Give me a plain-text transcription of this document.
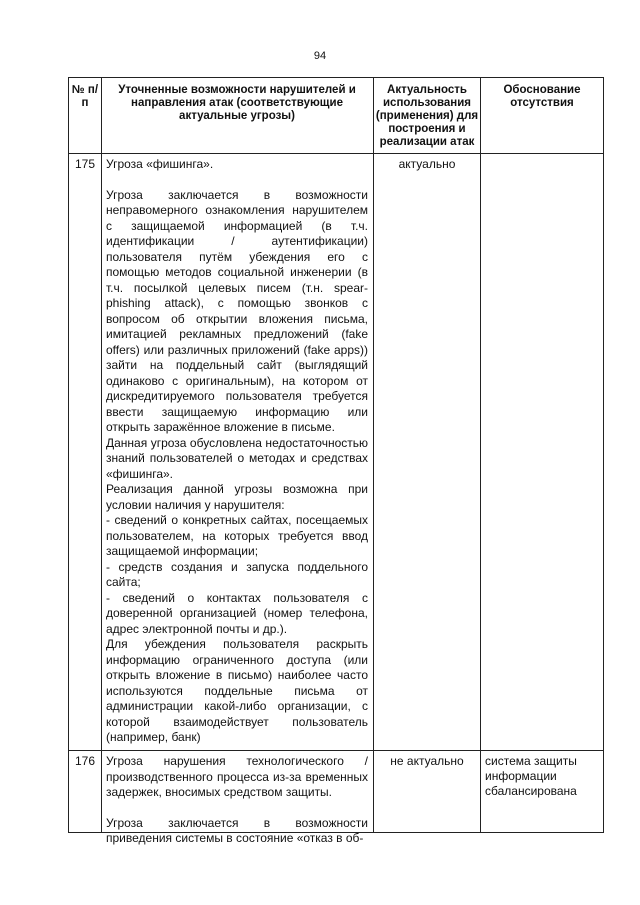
94
№ п/п
Уточненные возможности нарушителей и направления атак (соответствующие актуальные угрозы)
Актуальность использования (применения) для построения и реализации атак
Обоснование отсутствия
175 Угроза «фишинга».

Угроза заключается в возможности неправомерного ознакомления нарушителем с защищаемой информацией (в т.ч. идентификации / аутентификации) пользователя путём убеждения его с помощью методов социальной инженерии (в т.ч. посылкой целевых писем (т.н. spear-phishing attack), с помощью звонков с вопросом об открытии вложения письма, имитацией рекламных предложений (fake offers) или различных приложений (fake apps)) зайти на поддельный сайт (выглядящий одинаково с оригинальным), на котором от дискредитируемого пользователя требуется ввести защищаемую информацию или открыть заражённое вложение в письме.

Данная угроза обусловлена недостаточностью знаний пользователей о методах и средствах «фишинга».

Реализация данной угрозы возможна при условии наличия у нарушителя:

- сведений о конкретных сайтах, посещаемых пользователем, на которых требуется ввод защищаемой информации;

- средств создания и запуска поддельного сайта;

- сведений о контактах пользователя с доверенной организацией (номер телефона, адрес электронной почты и др.).

Для убеждения пользователя раскрыть информацию ограниченного доступа (или открыть вложение в письмо) наиболее часто используются поддельные письма от администрации какой-либо организации, с которой взаимодействует пользователь (например, банк)

актуально
176 Угроза нарушения технологического / производственного процесса из-за временных задержек, вносимых средством защиты.

Угроза заключается в возможности приведения системы в состояние «отказ в об-

не актуально	система защиты информации сбалансирована
